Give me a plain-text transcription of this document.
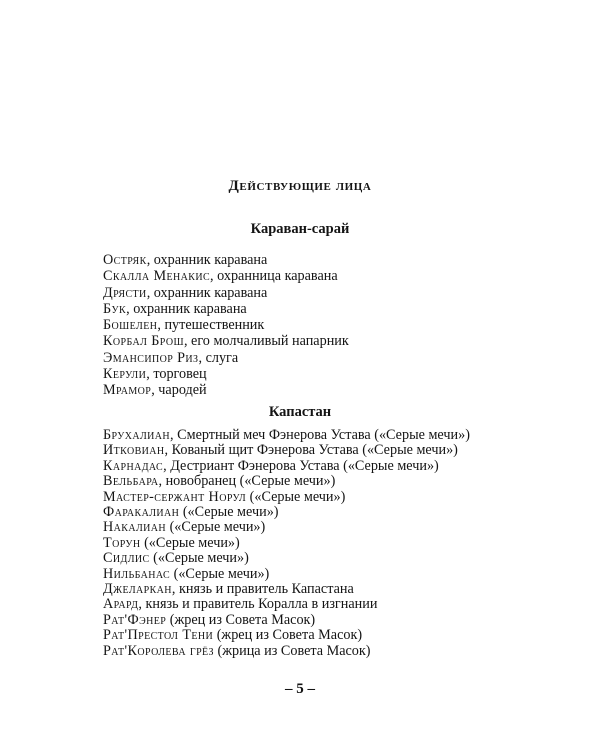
Действующие лица
Караван-сарай
Остряк, охранник каравана
Скалла Менакис, охранница каравана
Дрясти, охранник каравана
Бук, охранник каравана
Бошелен, путешественник
Корбал Брош, его молчаливый напарник
Эмансипор Риз, слуга
Керули, торговец
Мрамор, чародей
Капастан
Брухалиан, Смертный меч Фэнерова Устава («Серые мечи»)
Итковиан, Кованый щит Фэнерова Устава («Серые мечи»)
Карнадас, Дестриант Фэнерова Устава («Серые мечи»)
Вельбара, новобранец («Серые мечи»)
Мастер-сержант Норул («Серые мечи»)
Фаракалиан («Серые мечи»)
Накалиан («Серые мечи»)
Торун («Серые мечи»)
Сидлис («Серые мечи»)
Нильбанас («Серые мечи»)
Джеларкан, князь и правитель Капастана
Арард, князь и правитель Коралла в изгнании
Рат'Фэнер (жрец из Совета Масок)
Рат'Престол Тени (жрец из Совета Масок)
Рат'Королева грёз (жрица из Совета Масок)
– 5 –
